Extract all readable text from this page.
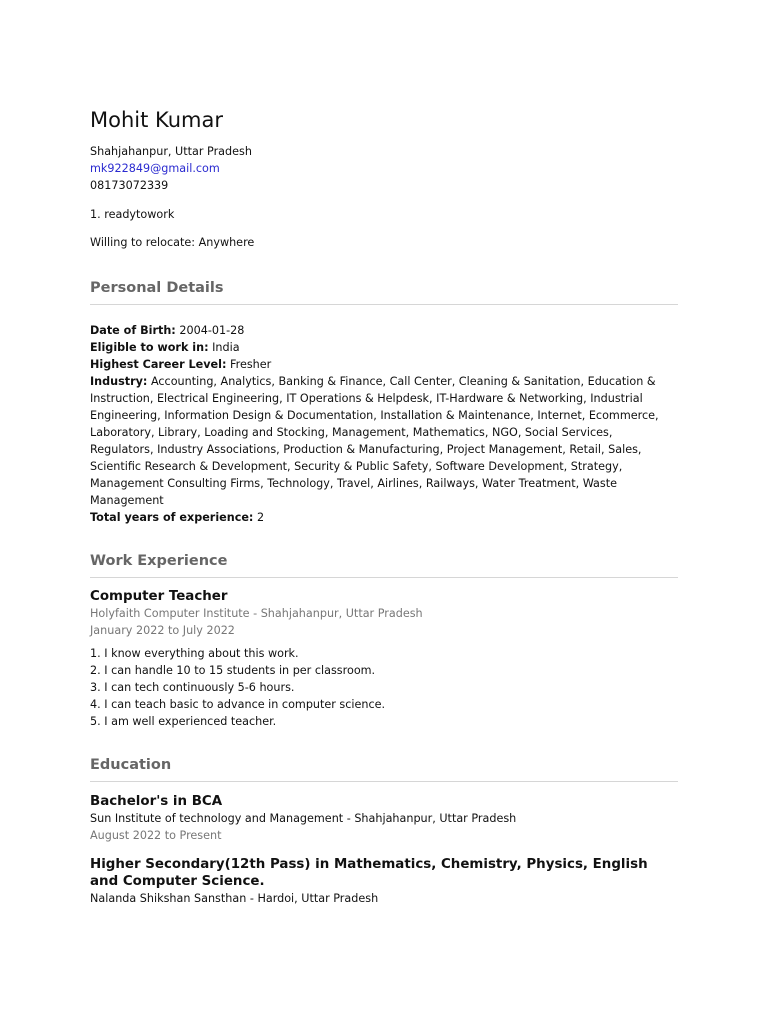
Mohit Kumar
Shahjahanpur, Uttar Pradesh
mk922849@gmail.com
08173072339
1. readytowork
Willing to relocate: Anywhere
Personal Details
Date of Birth: 2004-01-28
Eligible to work in: India
Highest Career Level: Fresher
Industry: Accounting, Analytics, Banking & Finance, Call Center, Cleaning & Sanitation, Education & Instruction, Electrical Engineering, IT Operations & Helpdesk, IT-Hardware & Networking, Industrial Engineering, Information Design & Documentation, Installation & Maintenance, Internet, Ecommerce, Laboratory, Library, Loading and Stocking, Management, Mathematics, NGO, Social Services, Regulators, Industry Associations, Production & Manufacturing, Project Management, Retail, Sales, Scientific Research & Development, Security & Public Safety, Software Development, Strategy, Management Consulting Firms, Technology, Travel, Airlines, Railways, Water Treatment, Waste Management
Total years of experience: 2
Work Experience
Computer Teacher
Holyfaith Computer Institute - Shahjahanpur, Uttar Pradesh
January 2022 to July 2022
1. I know everything about this work.
2. I can handle 10 to 15 students in per classroom.
3. I can tech continuously 5-6 hours.
4. I can teach basic to advance in computer science.
5. I am well experienced teacher.
Education
Bachelor's in BCA
Sun Institute of technology and Management - Shahjahanpur, Uttar Pradesh
August 2022 to Present
Higher Secondary(12th Pass) in Mathematics, Chemistry, Physics, English and Computer Science.
Nalanda Shikshan Sansthan - Hardoi, Uttar Pradesh
